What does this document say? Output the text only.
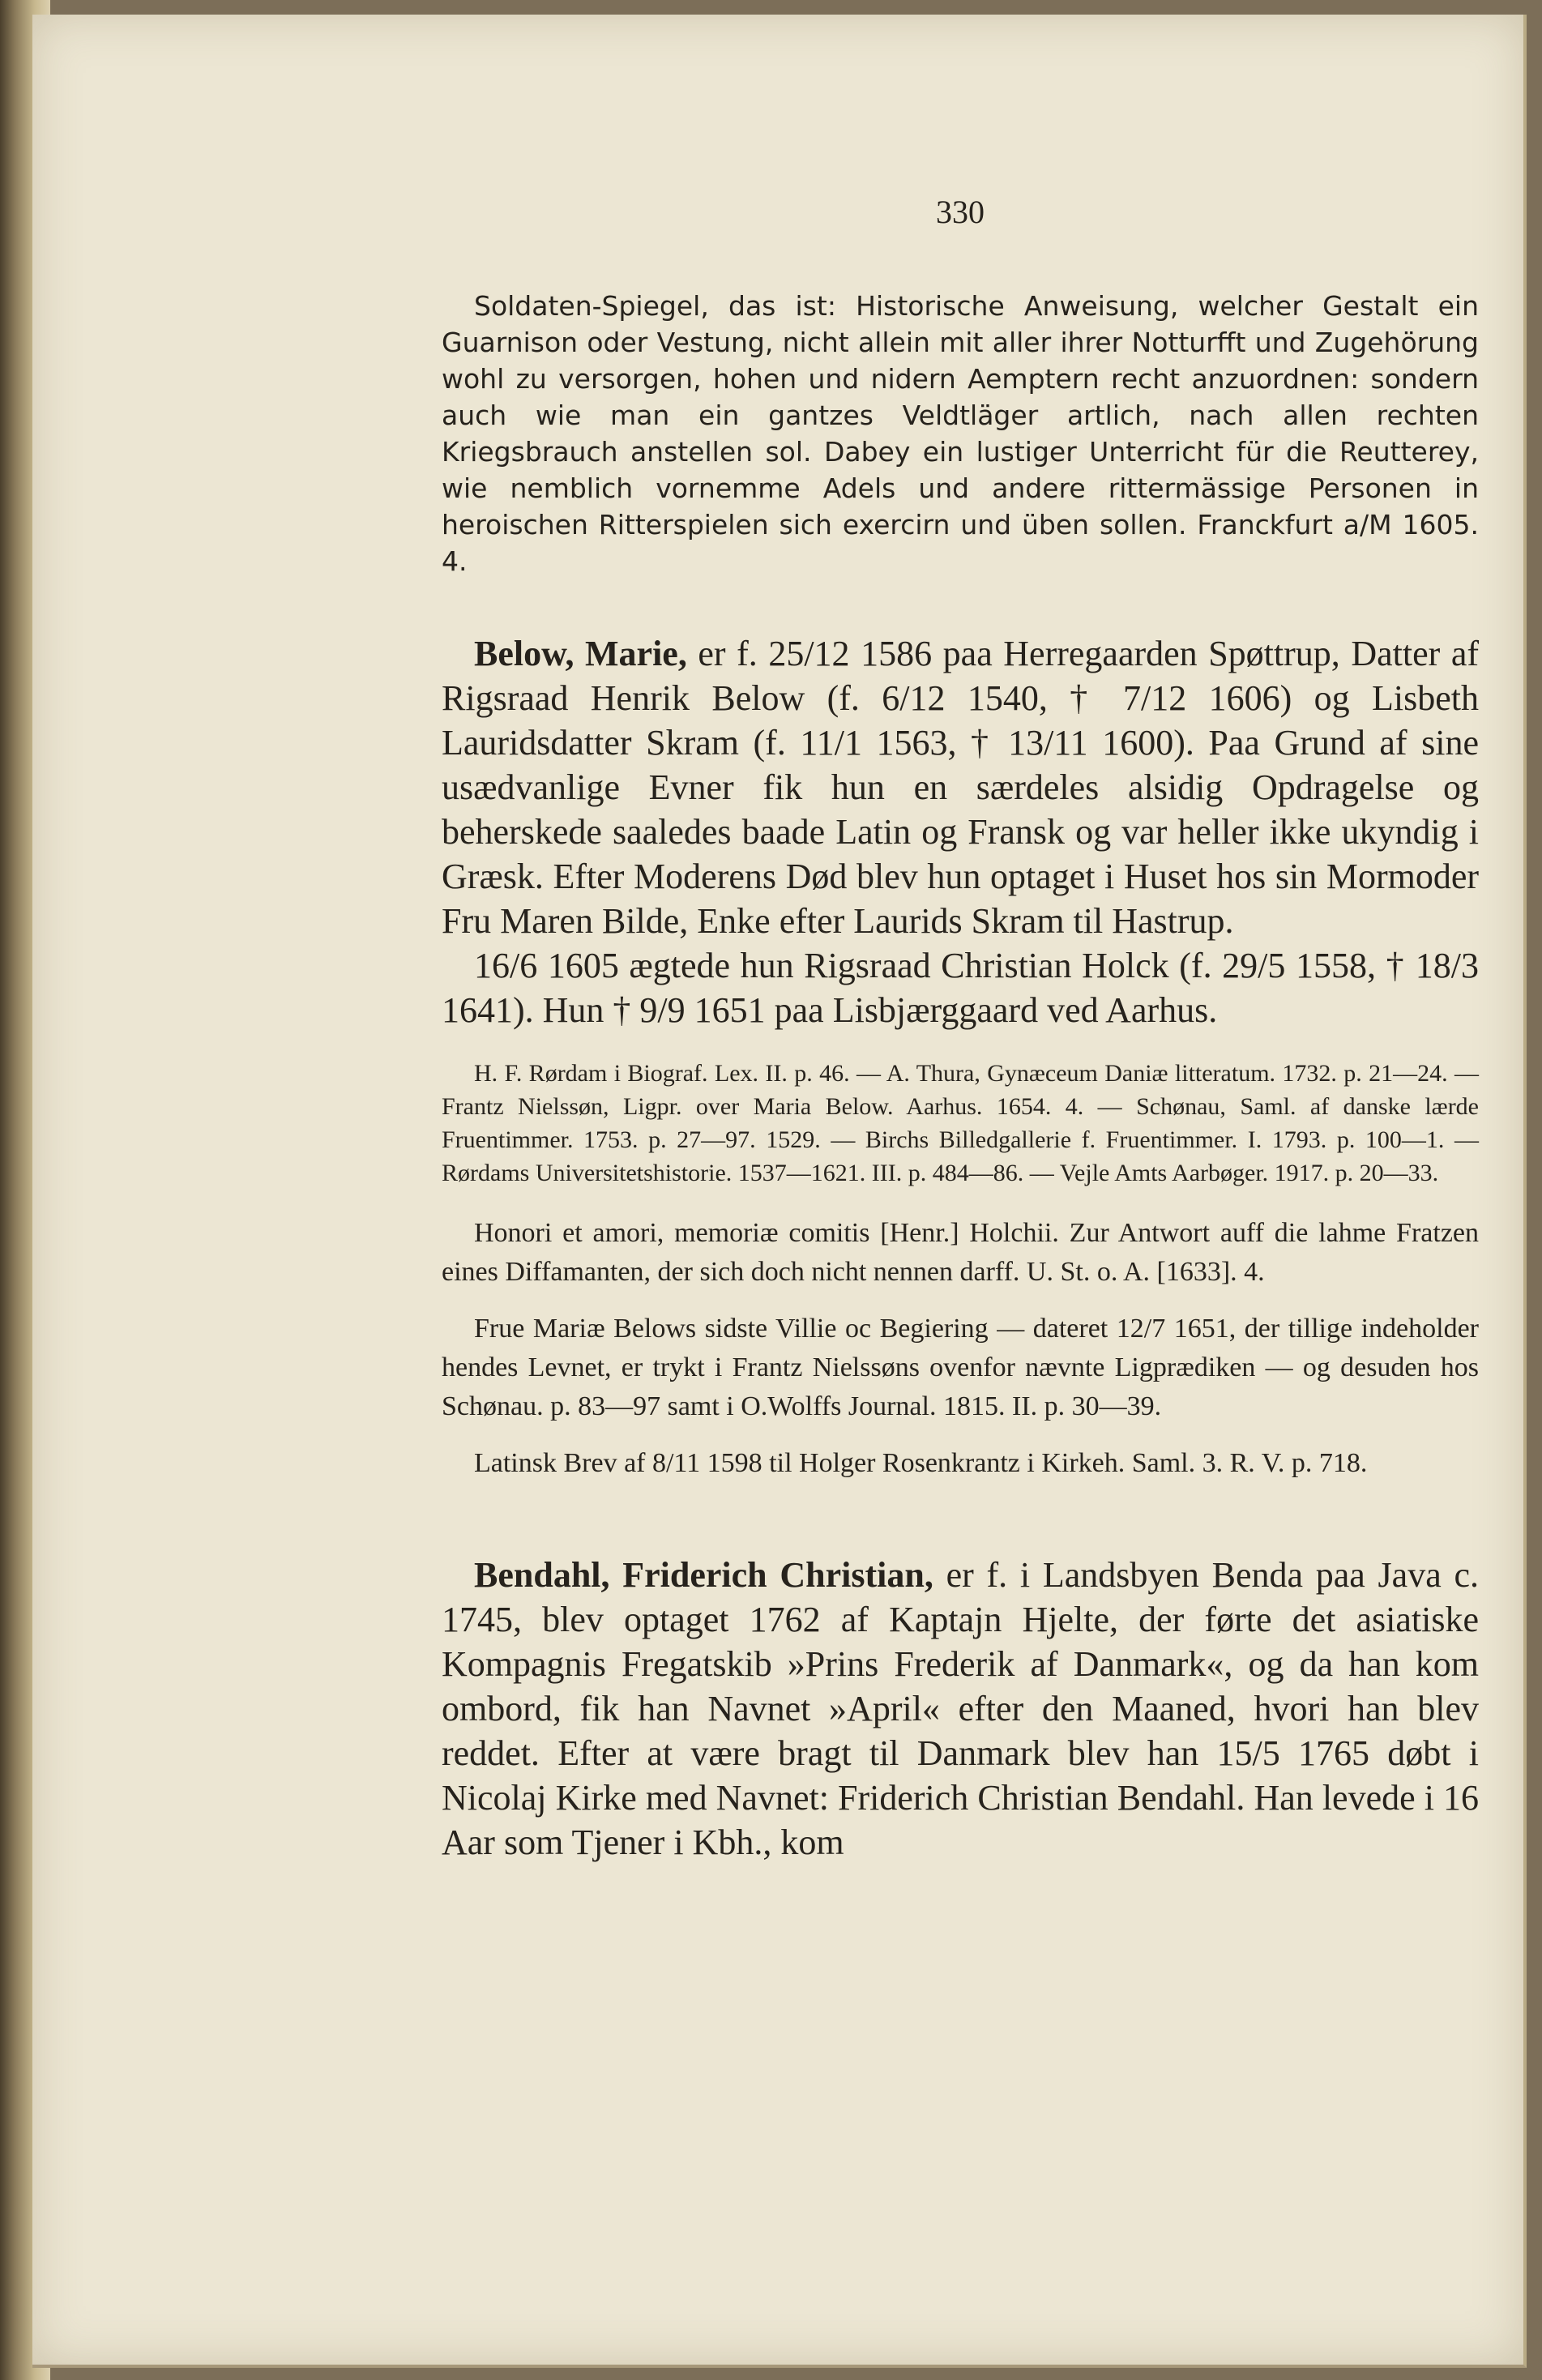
330

Soldaten-Spiegel, das ist: Historische Anweisung, welcher Gestalt ein Guarnison oder Vestung, nicht allein mit aller ihrer Notturfft und Zugehörung wohl zu versorgen, hohen und nidern Aemptern recht anzuordnen: sondern auch wie man ein gantzes Veldtläger artlich, nach allen rechten Kriegsbrauch anstellen sol. Dabey ein lustiger Unterricht für die Reutterey, wie nemblich vornemme Adels und andere rittermässige Personen in heroischen Ritterspielen sich exercirn und üben sollen. Franckfurt a/M 1605. 4.

Below, Marie, er f. 25/12 1586 paa Herregaarden Spøttrup, Datter af Rigsraad Henrik Below (f. 6/12 1540, † 7/12 1606) og Lisbeth Lauridsdatter Skram (f. 11/1 1563, † 13/11 1600). Paa Grund af sine usædvanlige Evner fik hun en særdeles alsidig Opdragelse og beherskede saaledes baade Latin og Fransk og var heller ikke ukyndig i Græsk. Efter Moderens Død blev hun optaget i Huset hos sin Mormoder Fru Maren Bilde, Enke efter Laurids Skram til Hastrup.

16/6 1605 ægtede hun Rigsraad Christian Holck (f. 29/5 1558, † 18/3 1641). Hun † 9/9 1651 paa Lisbjærggaard ved Aarhus.

H. F. Rørdam i Biograf. Lex. II. p. 46. — A. Thura, Gynæceum Daniæ litteratum. 1732. p. 21—24. — Frantz Nielssøn, Ligpr. over Maria Below. Aarhus. 1654. 4. — Schønau, Saml. af danske lærde Fruentimmer. 1753. p. 27—97. 1529. — Birchs Billedgallerie f. Fruentimmer. I. 1793. p. 100—1. — Rørdams Universitetshistorie. 1537—1621. III. p. 484—86. — Vejle Amts Aarbøger. 1917. p. 20—33.

Honori et amori, memoriæ comitis [Henr.] Holchii. Zur Antwort auff die lahme Fratzen eines Diffamanten, der sich doch nicht nennen darff. U. St. o. A. [1633]. 4.

Frue Mariæ Belows sidste Villie oc Begiering — dateret 12/7 1651, der tillige indeholder hendes Levnet, er trykt i Frantz Nielssøns ovenfor nævnte Ligprædiken — og desuden hos Schønau. p. 83—97 samt i O.Wolffs Journal. 1815. II. p. 30—39.

Latinsk Brev af 8/11 1598 til Holger Rosenkrantz i Kirkeh. Saml. 3. R. V. p. 718.

Bendahl, Friderich Christian, er f. i Landsbyen Benda paa Java c. 1745, blev optaget 1762 af Kaptajn Hjelte, der førte det asiatiske Kompagnis Fregatskib »Prins Frederik af Danmark«, og da han kom ombord, fik han Navnet »April« efter den Maaned, hvori han blev reddet. Efter at være bragt til Danmark blev han 15/5 1765 døbt i Nicolaj Kirke med Navnet: Friderich Christian Bendahl. Han levede i 16 Aar som Tjener i Kbh., kom
